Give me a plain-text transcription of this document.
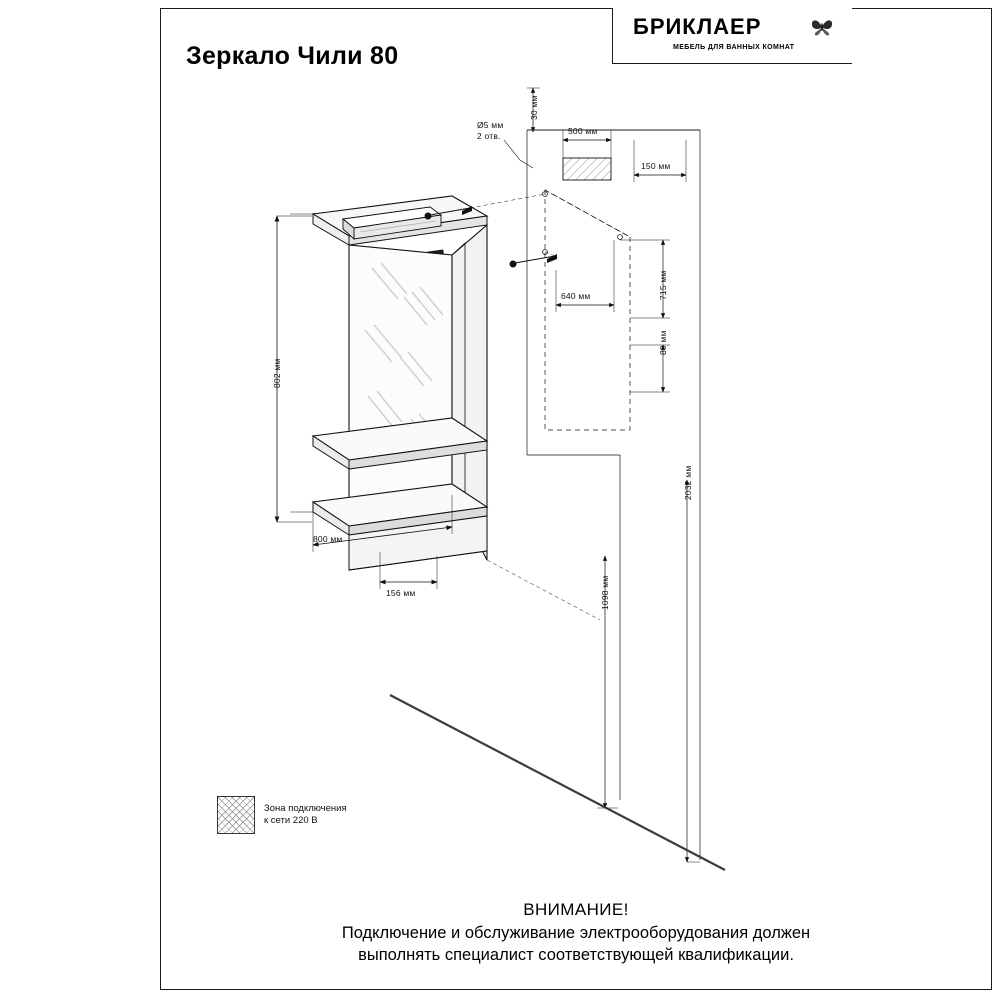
Зеркало Чили 80
БРИКЛАЕР
МЕБЕЛЬ ДЛЯ ВАННЫХ КОМНАТ
802 мм
800 мм
156 мм
30 мм
Ø5 мм
2 отв.	500 мм
150 мм
640 мм	715 мм
80 мм
2032 мм
1098 мм
Зона подключения
к сети 220 В
ВНИМАНИЕ!
Подключение и обслуживание электрооборудования должен
выполнять специалист соответствующей квалификации.
